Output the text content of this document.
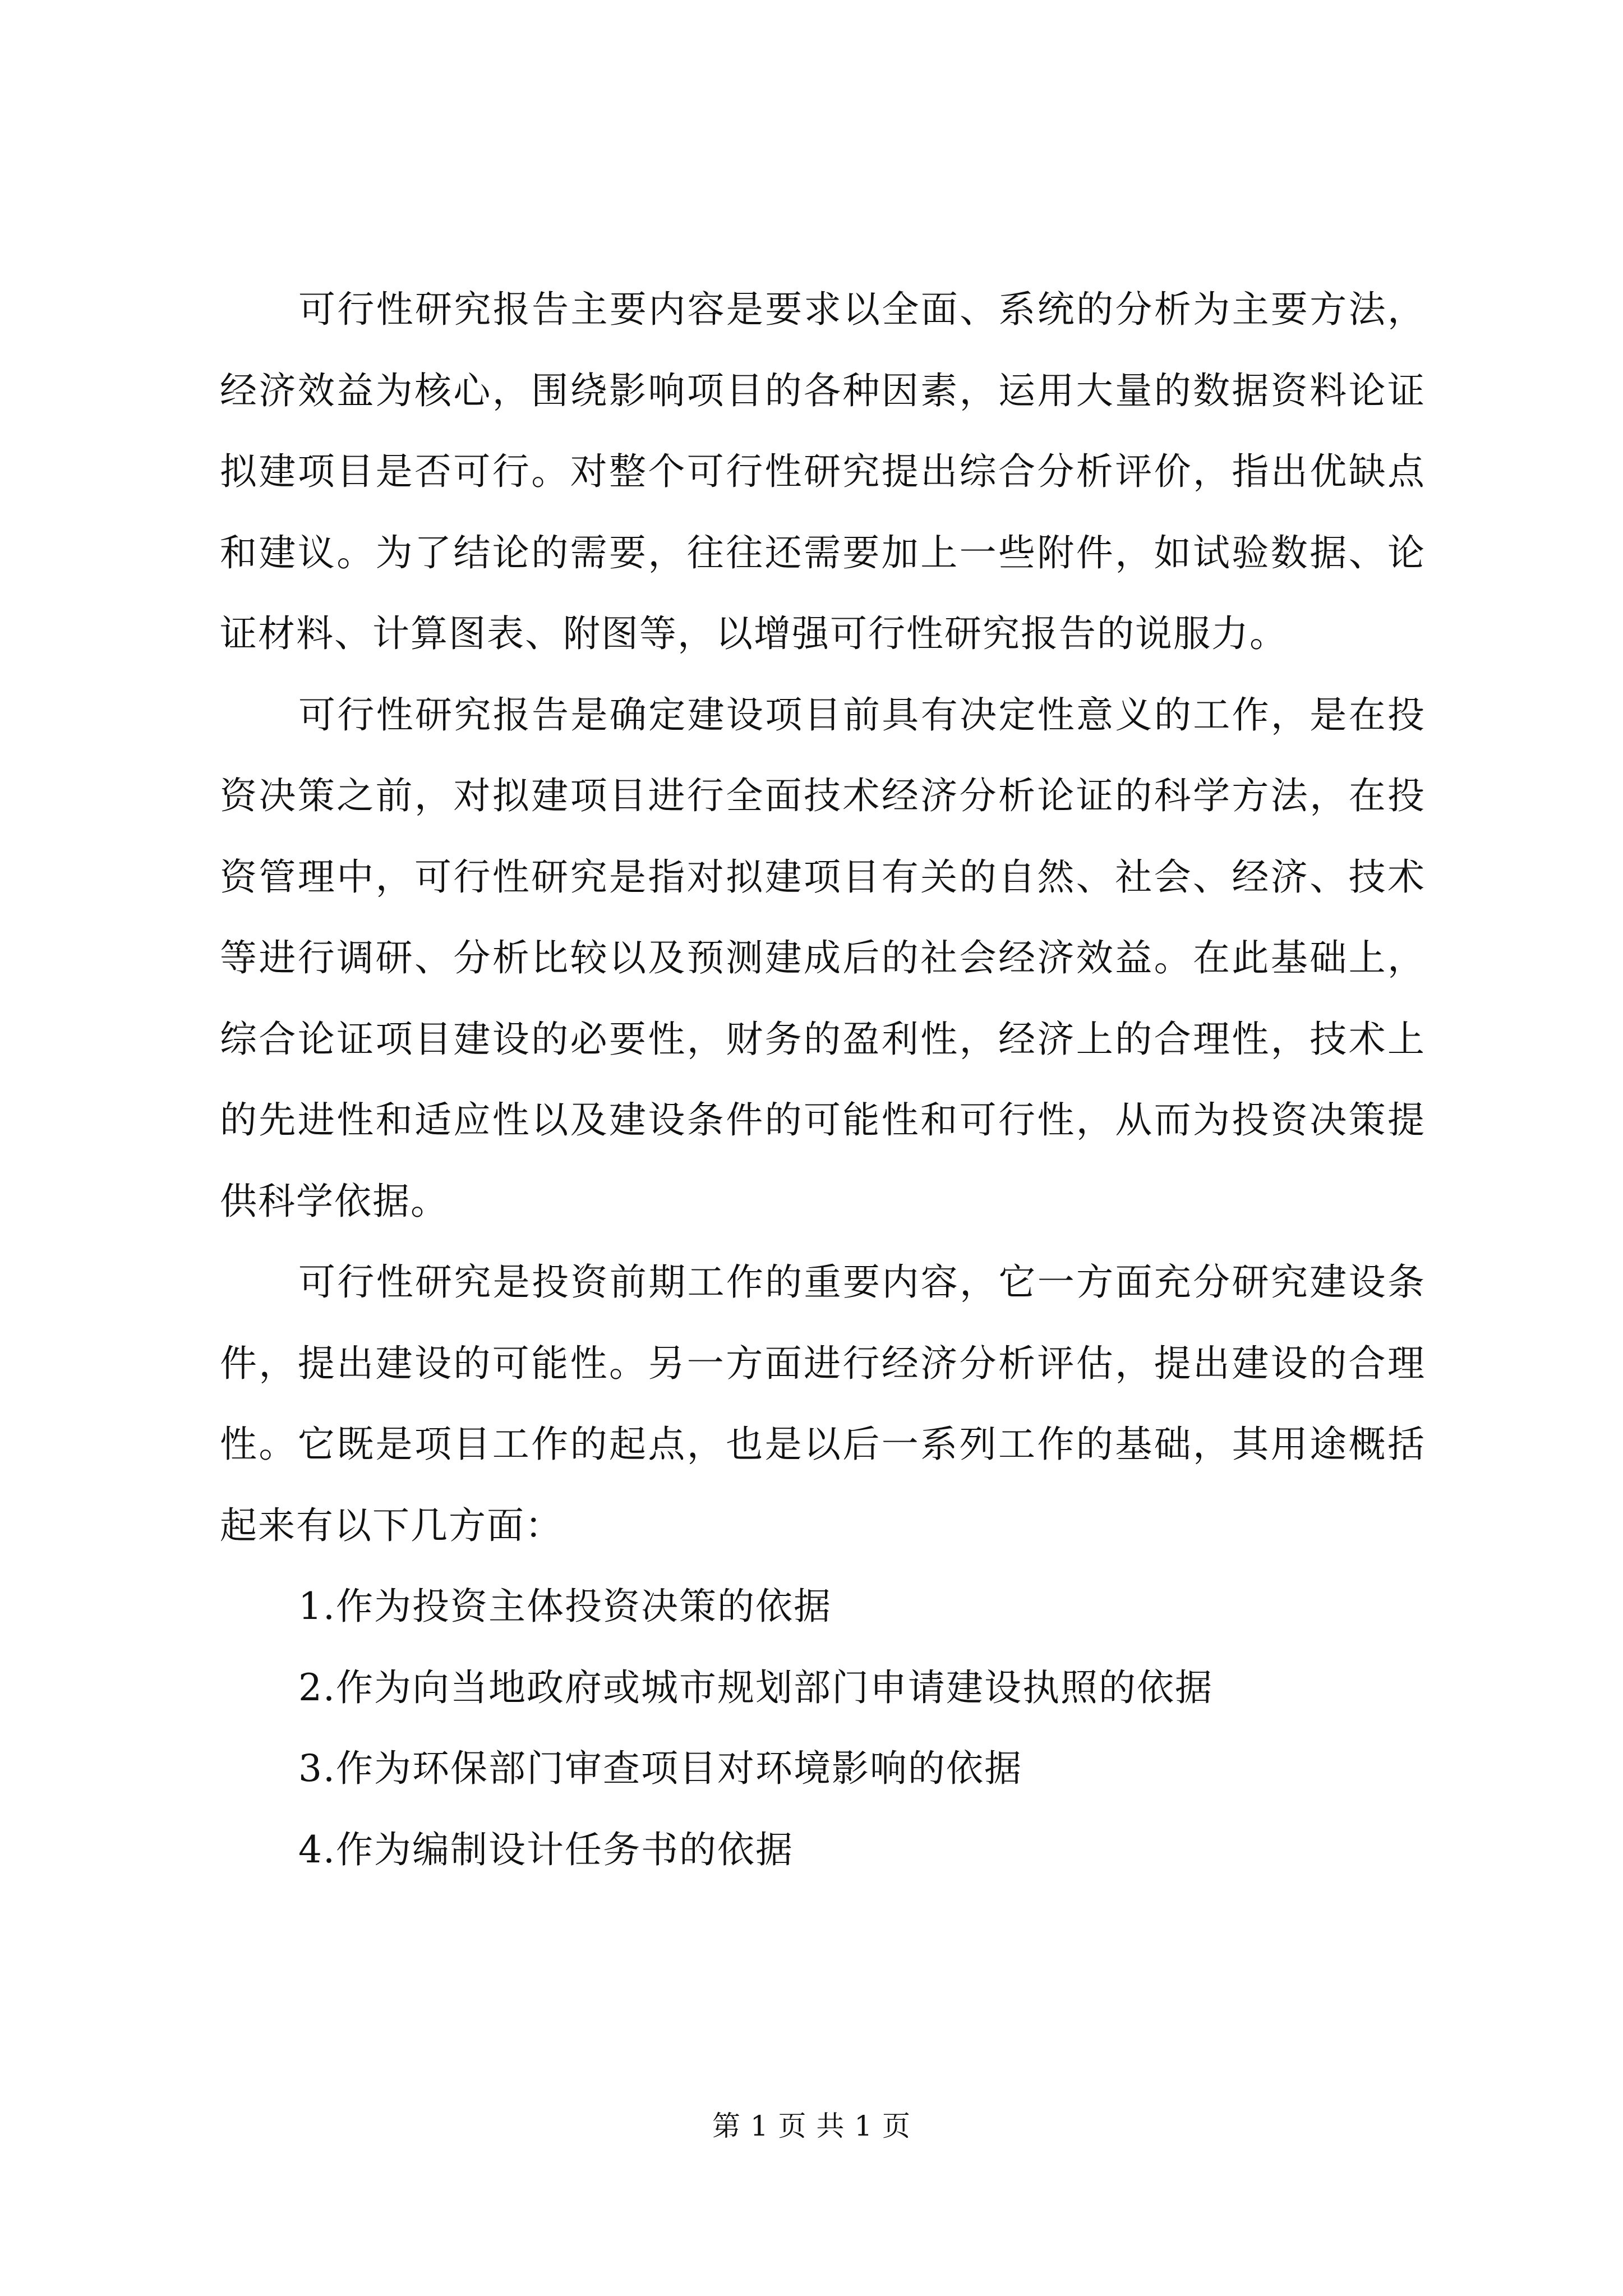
可行性研究报告主要内容是要求以全面、系统的分析为主要方法，经济效益为核心，围绕影响项目的各种因素，运用大量的数据资料论证拟建项目是否可行。对整个可行性研究提出综合分析评价，指出优缺点和建议。为了结论的需要，往往还需要加上一些附件，如试验数据、论证材料、计算图表、附图等，以增强可行性研究报告的说服力。

可行性研究报告是确定建设项目前具有决定性意义的工作，是在投资决策之前，对拟建项目进行全面技术经济分析论证的科学方法，在投资管理中，可行性研究是指对拟建项目有关的自然、社会、经济、技术等进行调研、分析比较以及预测建成后的社会经济效益。在此基础上，综合论证项目建设的必要性，财务的盈利性，经济上的合理性，技术上的先进性和适应性以及建设条件的可能性和可行性，从而为投资决策提供科学依据。

可行性研究是投资前期工作的重要内容，它一方面充分研究建设条件，提出建设的可能性。另一方面进行经济分析评估，提出建设的合理性。它既是项目工作的起点，也是以后一系列工作的基础，其用途概括起来有以下几方面：

1.作为投资主体投资决策的依据
2.作为向当地政府或城市规划部门申请建设执照的依据
3.作为环保部门审查项目对环境影响的依据
4.作为编制设计任务书的依据
第 1 页 共 1 页
